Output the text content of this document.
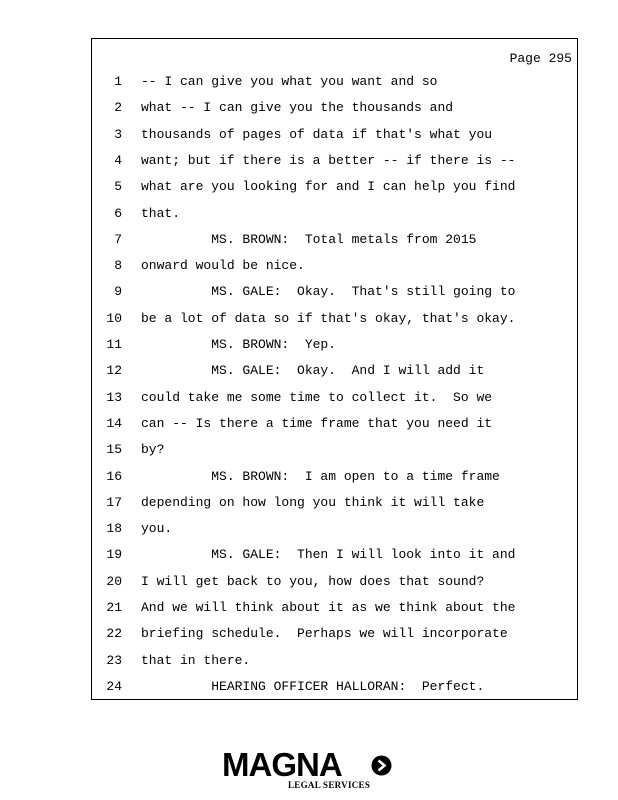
Page 295
1 -- I can give you what you want and so
2 what -- I can give you the thousands and
3 thousands of pages of data if that's what you
4 want; but if there is a better -- if there is --
5 what are you looking for and I can help you find
6 that.
7 MS. BROWN:  Total metals from 2015
8 onward would be nice.
9 MS. GALE:  Okay.  That's still going to
10 be a lot of data so if that's okay, that's okay.
11 MS. BROWN:  Yep.
12 MS. GALE:  Okay.  And I will add it
13 could take me some time to collect it.  So we
14 can -- Is there a time frame that you need it
15 by?
16 MS. BROWN:  I am open to a time frame
17 depending on how long you think it will take
18 you.
19 MS. GALE:  Then I will look into it and
20 I will get back to you, how does that sound?
21 And we will think about it as we think about the
22 briefing schedule.  Perhaps we will incorporate
23 that in there.
24 HEARING OFFICER HALLORAN:  Perfect.
MAGNA
LEGAL SERVICES
